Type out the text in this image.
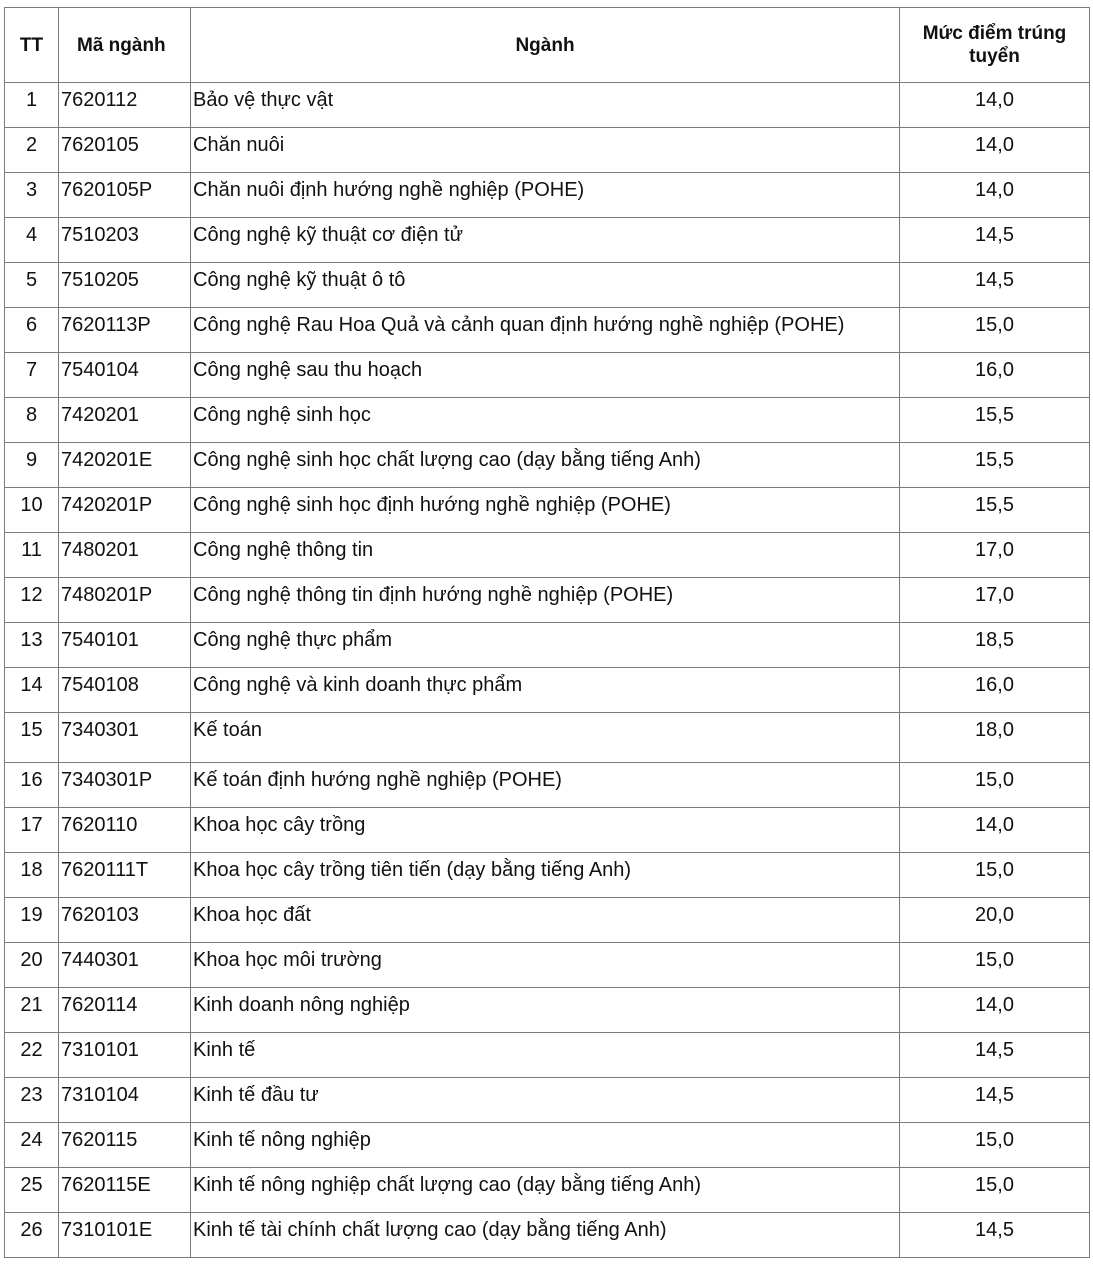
TT	Mã ngành	Ngành	Mức điểm trúng tuyển
1	7620112	Bảo vệ thực vật	14,0
2	7620105	Chăn nuôi	14,0
3	7620105P	Chăn nuôi định hướng nghề nghiệp (POHE)	14,0
4	7510203	Công nghệ kỹ thuật cơ điện tử	14,5
5	7510205	Công nghệ kỹ thuật ô tô	14,5
6	7620113P	Công nghệ Rau Hoa Quả và cảnh quan định hướng nghề nghiệp (POHE)	15,0
7	7540104	Công nghệ sau thu hoạch	16,0
8	7420201	Công nghệ sinh học	15,5
9	7420201E	Công nghệ sinh học chất lượng cao (dạy bằng tiếng Anh)	15,5
10	7420201P	Công nghệ sinh học định hướng nghề nghiệp (POHE)	15,5
11	7480201	Công nghệ thông tin	17,0
12	7480201P	Công nghệ thông tin định hướng nghề nghiệp (POHE)	17,0
13	7540101	Công nghệ thực phẩm	18,5
14	7540108	Công nghệ và kinh doanh thực phẩm	16,0
15	7340301	Kế toán	18,0
16	7340301P	Kế toán định hướng nghề nghiệp (POHE)	15,0
17	7620110	Khoa học cây trồng	14,0
18	7620111T	Khoa học cây trồng tiên tiến (dạy bằng tiếng Anh)	15,0
19	7620103	Khoa học đất	20,0
20	7440301	Khoa học môi trường	15,0
21	7620114	Kinh doanh nông nghiệp	14,0
22	7310101	Kinh tế	14,5
23	7310104	Kinh tế đầu tư	14,5
24	7620115	Kinh tế nông nghiệp	15,0
25	7620115E	Kinh tế nông nghiệp chất lượng cao (dạy bằng tiếng Anh)	15,0
26	7310101E	Kinh tế tài chính chất lượng cao (dạy bằng tiếng Anh)	14,5
